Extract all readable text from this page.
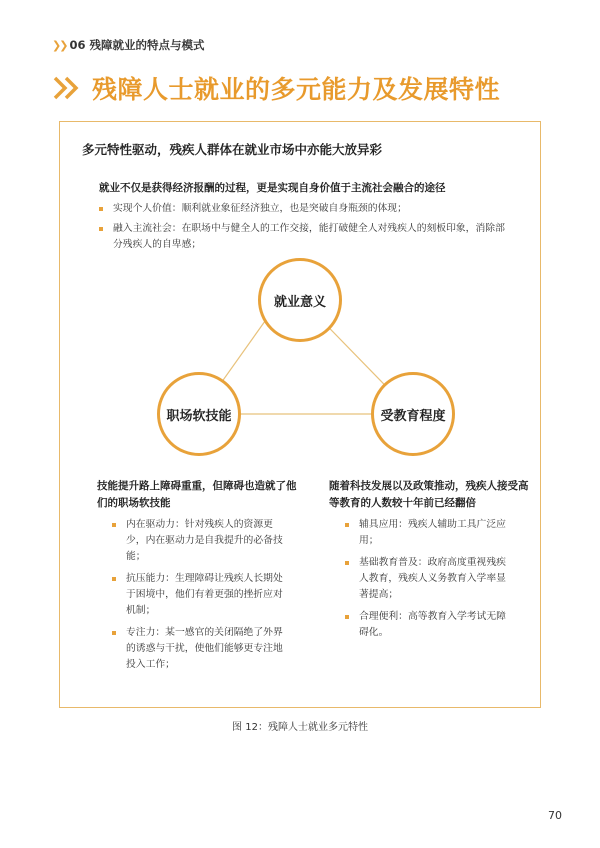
❯❯ 06 残障就业的特点与模式
残障人士就业的多元能力及发展特性
多元特性驱动，残疾人群体在就业市场中亦能大放异彩
就业不仅是获得经济报酬的过程，更是实现自身价值于主流社会融合的途径
实现个人价值：顺利就业象征经济独立，也是突破自身瓶颈的体现；
融入主流社会：在职场中与健全人的工作交接，能打破健全人对残疾人的刻板印象，消除部分残疾人的自卑感；
就业意义
职场软技能	受教育程度
技能提升路上障碍重重，但障碍也造就了他们的职场软技能
内在驱动力：针对残疾人的资源更少，内在驱动力是自我提升的必备技能；
抗压能力：生理障碍让残疾人长期处于困境中，他们有着更强的挫折应对机制；
专注力：某一感官的关闭隔绝了外界的诱惑与干扰，使他们能够更专注地投入工作；
随着科技发展以及政策推动，残疾人接受高等教育的人数较十年前已经翻倍
辅具应用：残疾人辅助工具广泛应用；
基础教育普及：政府高度重视残疾人教育，残疾人义务教育入学率显著提高；
合理便利：高等教育入学考试无障碍化。
图 12：残障人士就业多元特性
70
